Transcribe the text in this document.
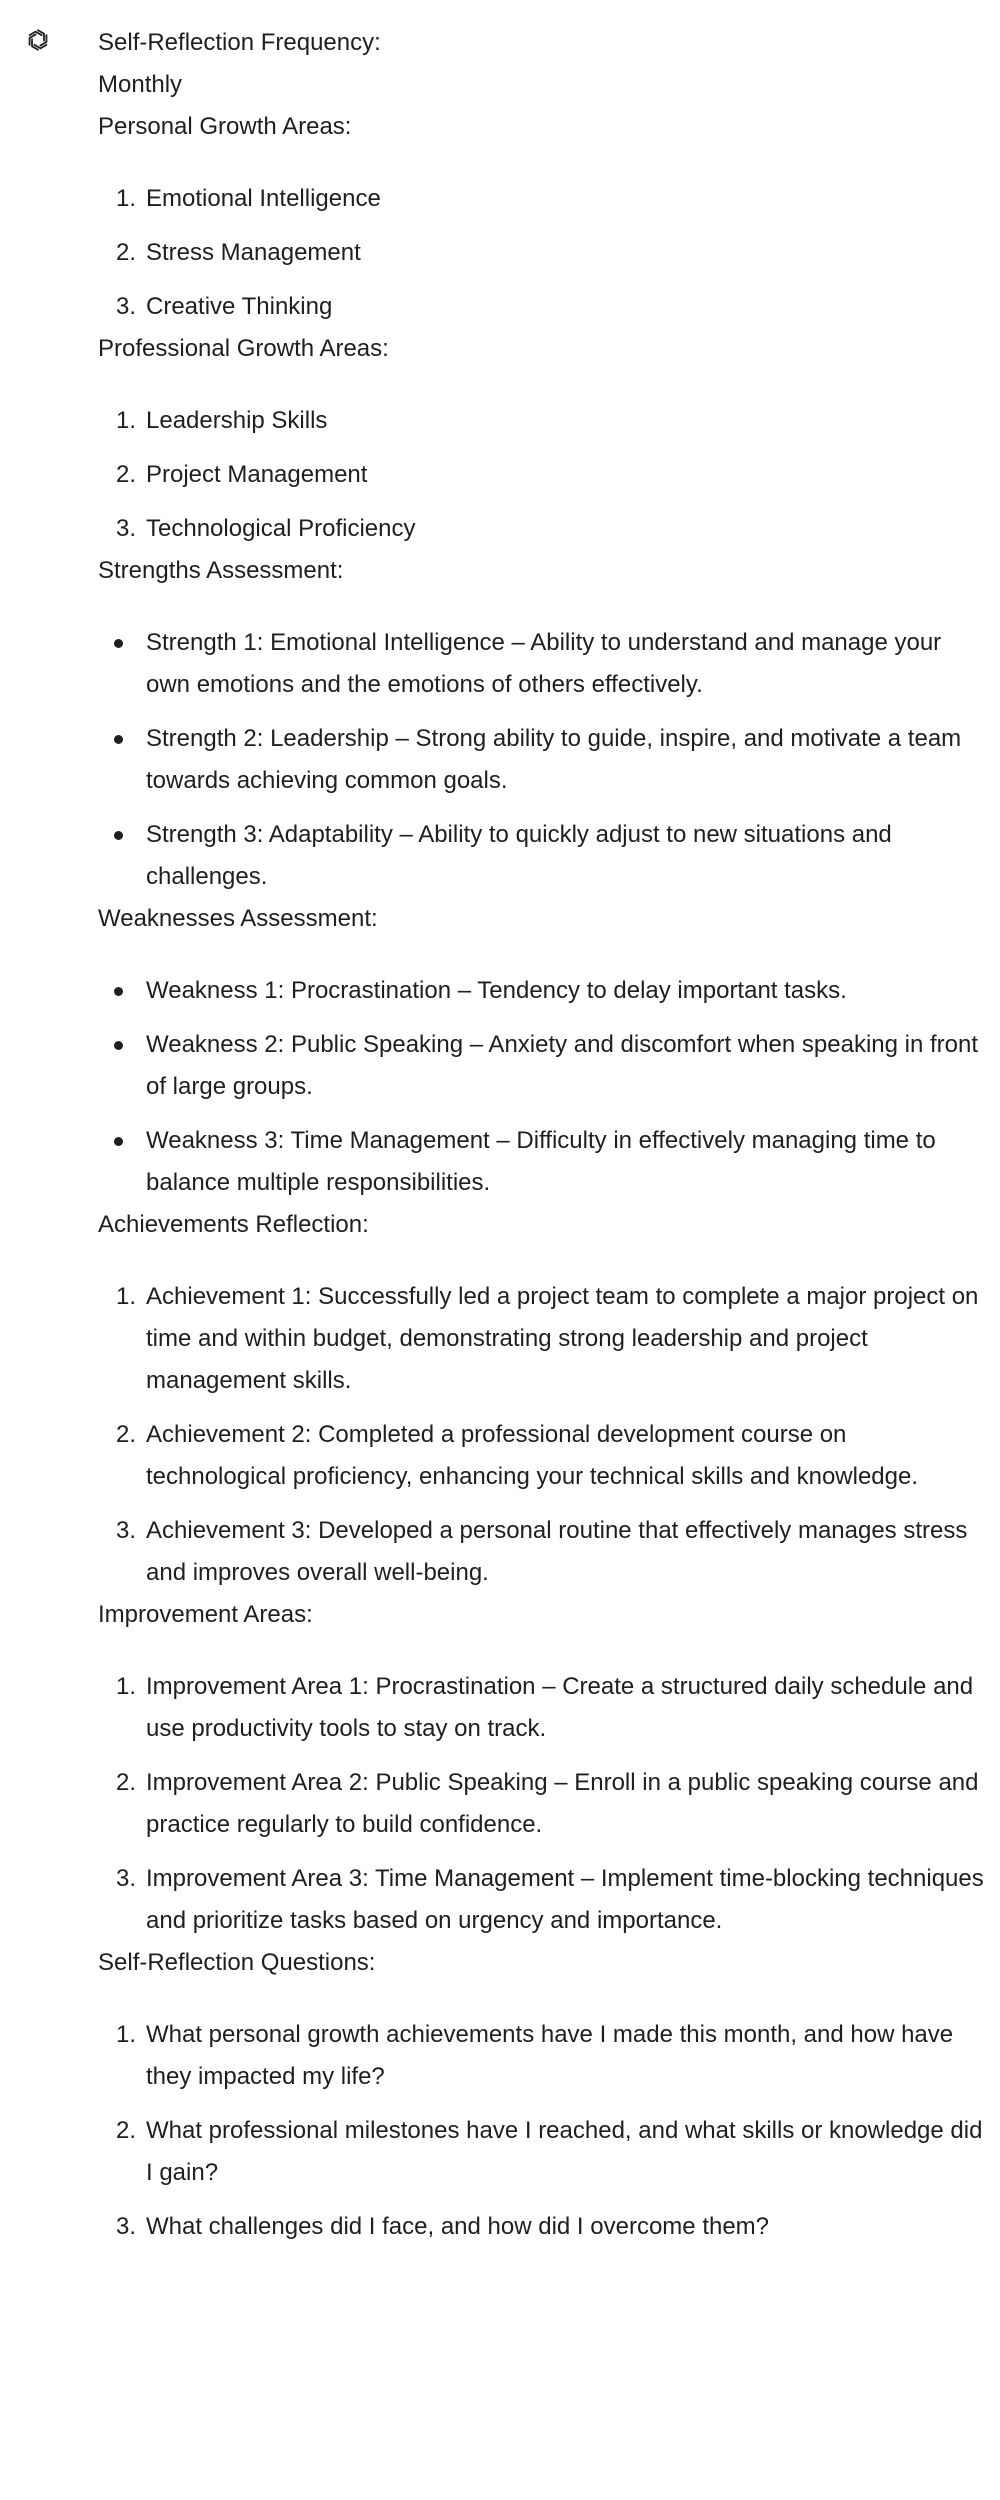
Self-Reflection Frequency:

Monthly

Personal Growth Areas:

1. Emotional Intelligence
2. Stress Management
3. Creative Thinking

Professional Growth Areas:

1. Leadership Skills
2. Project Management
3. Technological Proficiency

Strengths Assessment:

Strength 1: Emotional Intelligence – Ability to understand and manage your own emotions and the emotions of others effectively.
Strength 2: Leadership – Strong ability to guide, inspire, and motivate a team towards achieving common goals.
Strength 3: Adaptability – Ability to quickly adjust to new situations and challenges.

Weaknesses Assessment:

Weakness 1: Procrastination – Tendency to delay important tasks.
Weakness 2: Public Speaking – Anxiety and discomfort when speaking in front of large groups.
Weakness 3: Time Management – Difficulty in effectively managing time to balance multiple responsibilities.

Achievements Reflection:

1. Achievement 1: Successfully led a project team to complete a major project on time and within budget, demonstrating strong leadership and project management skills.
2. Achievement 2: Completed a professional development course on technological proficiency, enhancing your technical skills and knowledge.
3. Achievement 3: Developed a personal routine that effectively manages stress and improves overall well-being.

Improvement Areas:

1. Improvement Area 1: Procrastination – Create a structured daily schedule and use productivity tools to stay on track.
2. Improvement Area 2: Public Speaking – Enroll in a public speaking course and practice regularly to build confidence.
3. Improvement Area 3: Time Management – Implement time-blocking techniques and prioritize tasks based on urgency and importance.

Self-Reflection Questions:

1. What personal growth achievements have I made this month, and how have they impacted my life?
2. What professional milestones have I reached, and what skills or knowledge did I gain?
3. What challenges did I face, and how did I overcome them?
